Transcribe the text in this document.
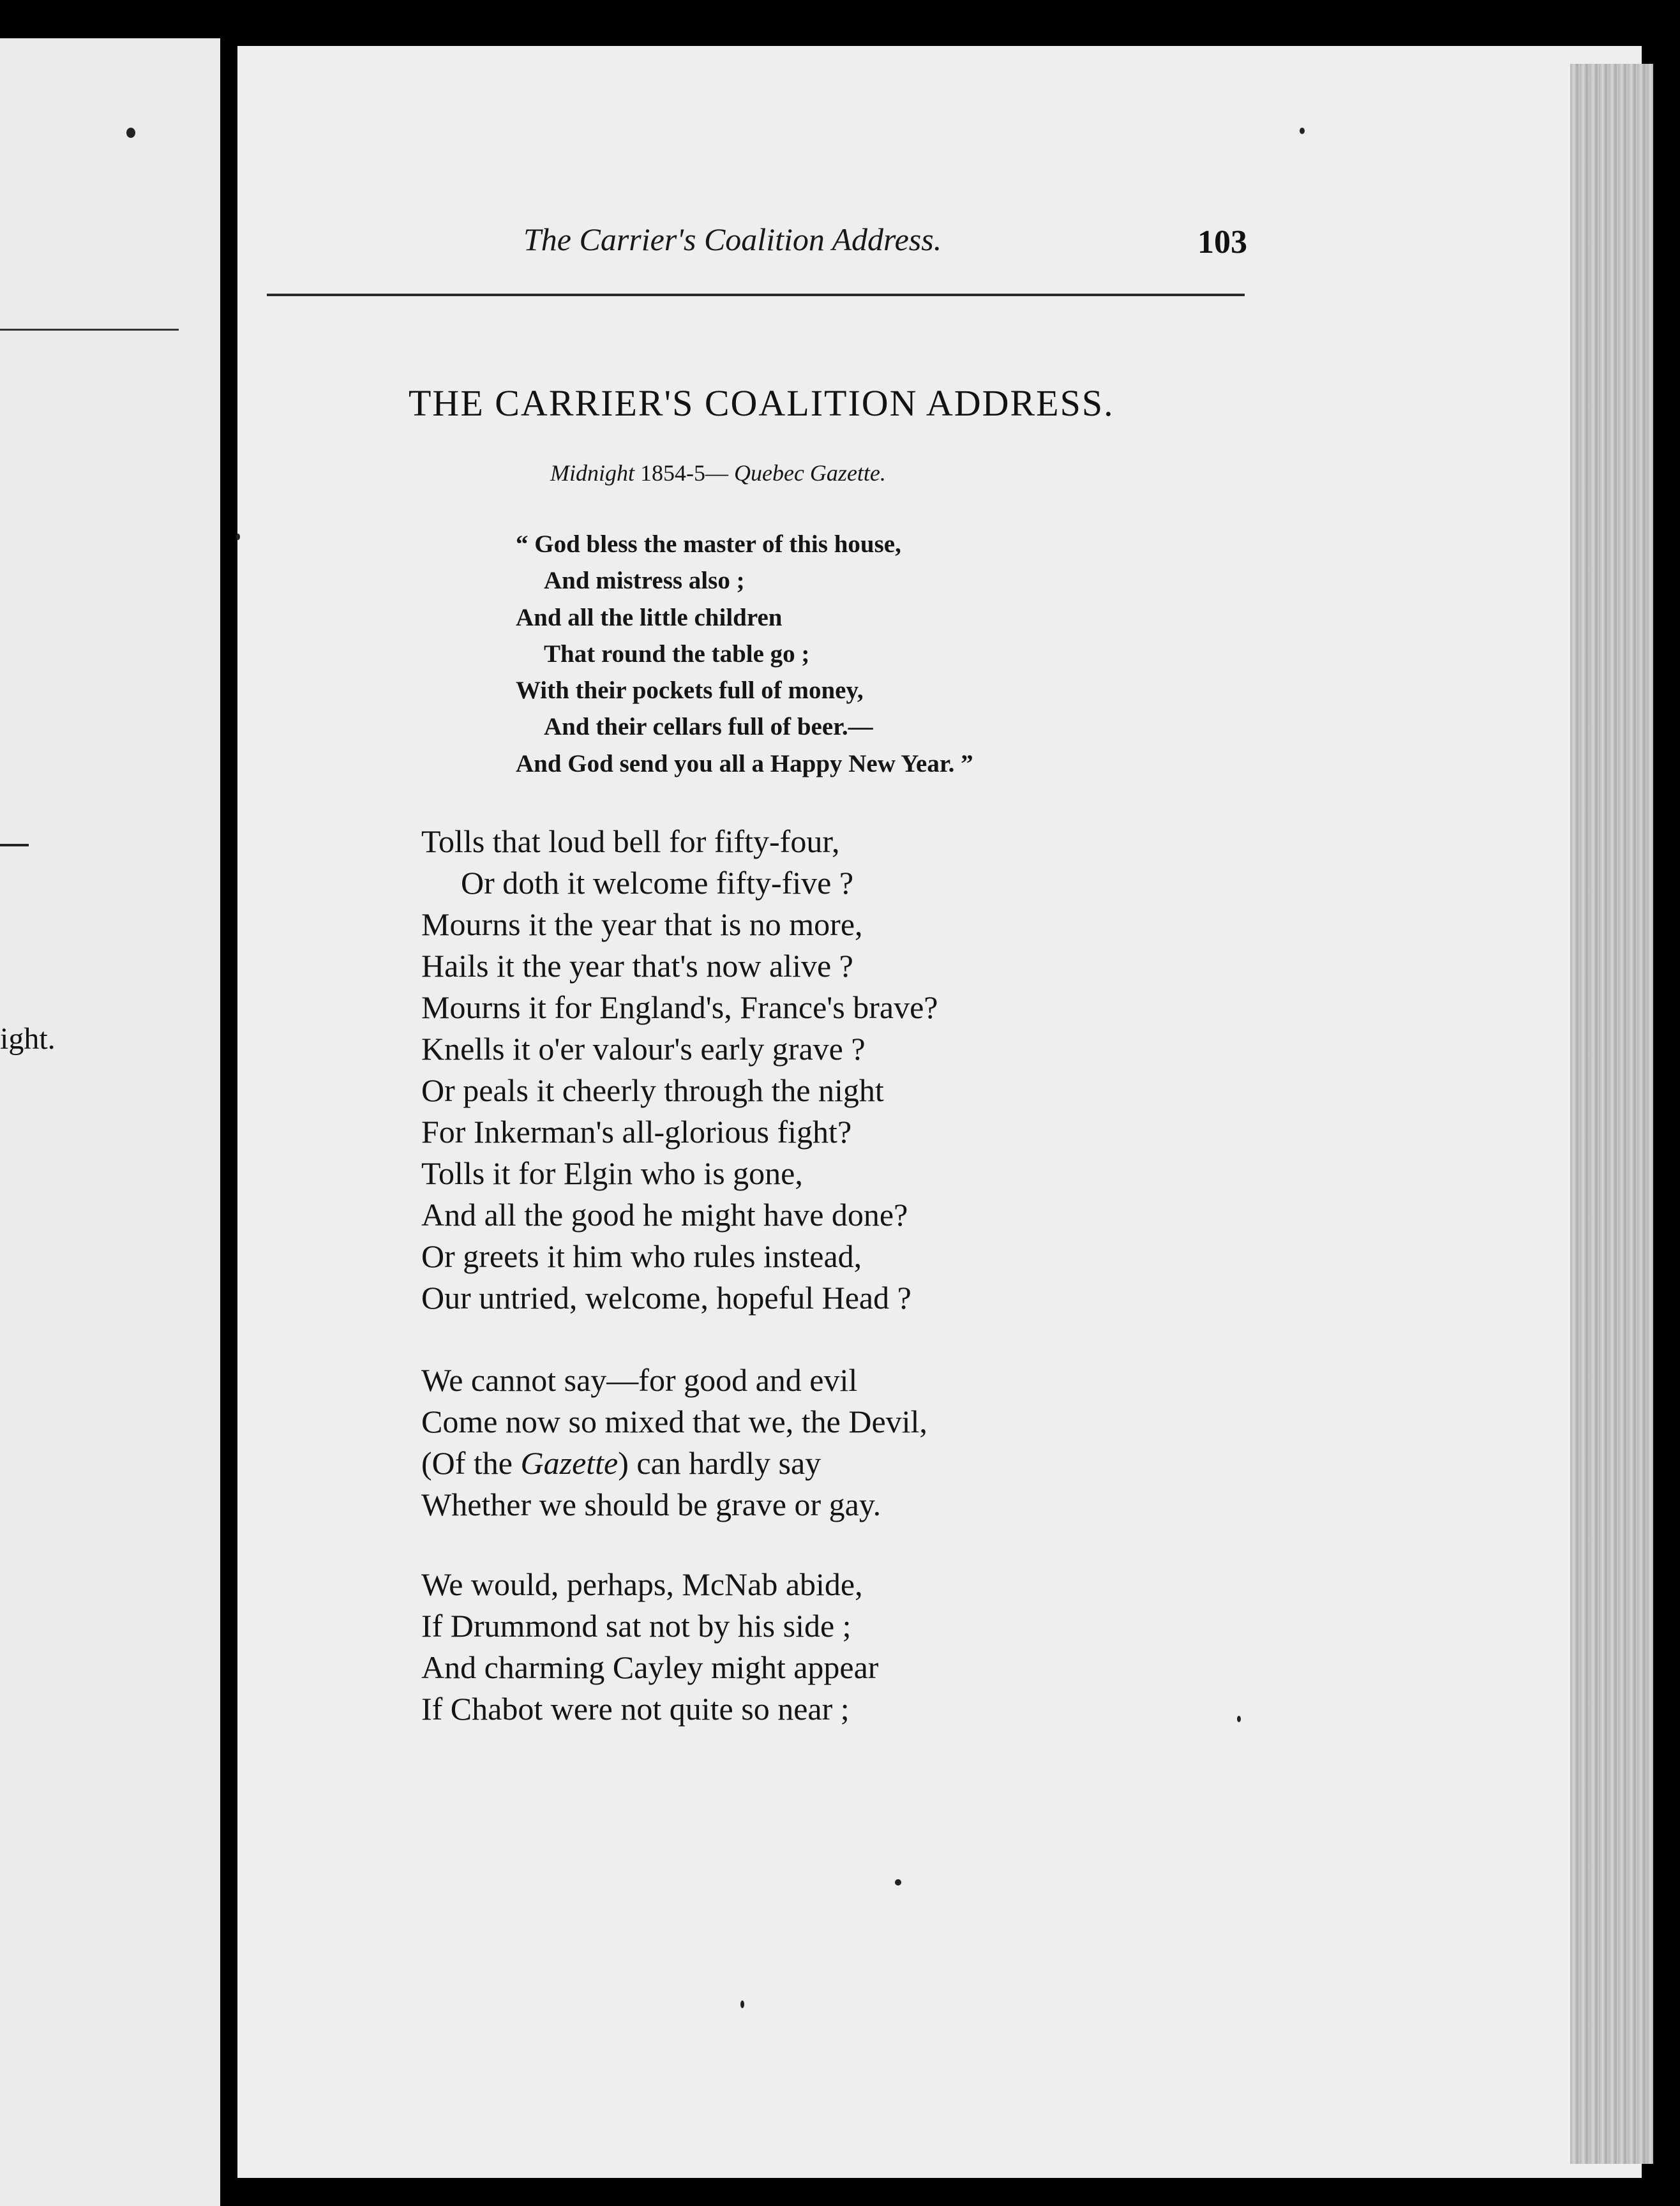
ight.
The Carrier's Coalition Address.	103
THE CARRIER'S COALITION ADDRESS.
Midnight 1854-5— Quebec Gazette.
“ God bless the master of this house,
And mistress also ;
And all the little children
That round the table go ;
With their pockets full of money,
And their cellars full of beer.—
And God send you all a Happy New Year. ”
Tolls that loud bell for fifty-four,
Or doth it welcome fifty-five ?
Mourns it the year that is no more,
Hails it the year that's now alive ?
Mourns it for England's, France's brave?
Knells it o'er valour's early grave ?
Or peals it cheerly through the night
For Inkerman's all-glorious fight?
Tolls it for Elgin who is gone,
And all the good he might have done?
Or greets it him who rules instead,
Our untried, welcome, hopeful Head ?
We cannot say—for good and evil
Come now so mixed that we, the Devil,
(Of the Gazette) can hardly say
Whether we should be grave or gay.
We would, perhaps, McNab abide,
If Drummond sat not by his side ;
And charming Cayley might appear
If Chabot were not quite so near ;
